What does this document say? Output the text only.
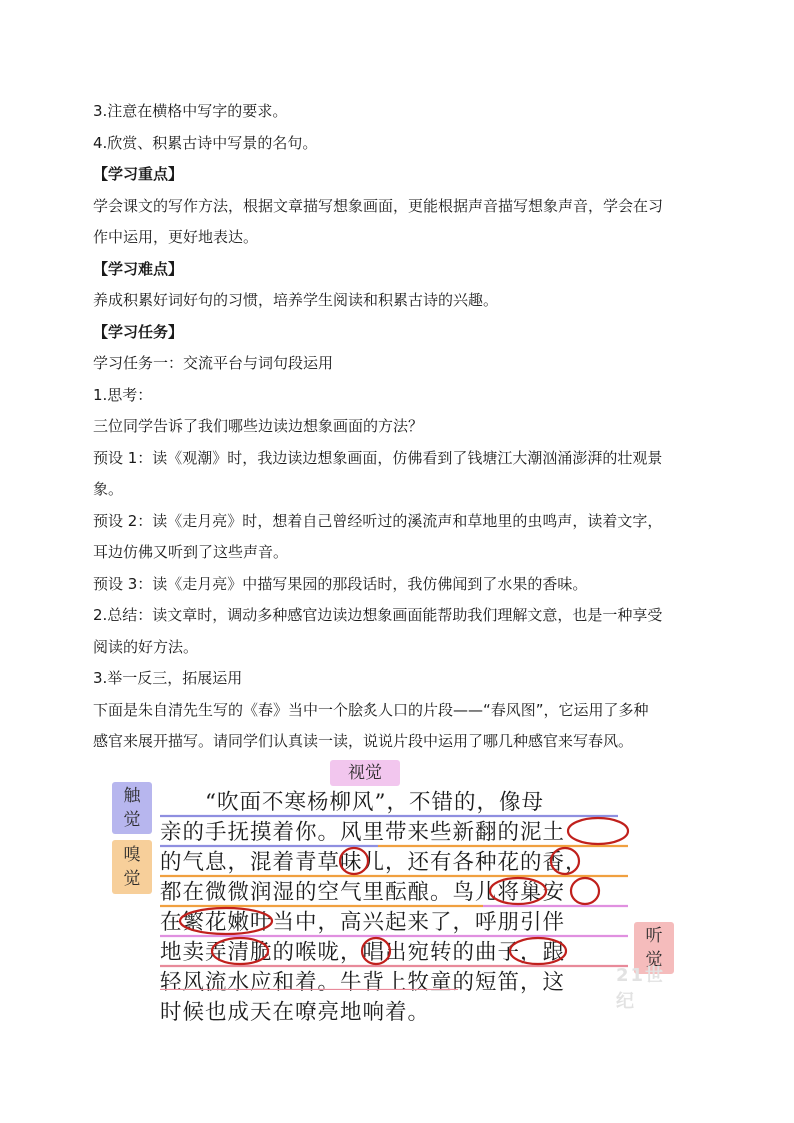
3.注意在横格中写字的要求。

4.欣赏、积累古诗中写景的名句。

【学习重点】

学会课文的写作方法，根据文章描写想象画面，更能根据声音描写想象声音，学会在习

作中运用，更好地表达。

【学习难点】

养成积累好词好句的习惯，培养学生阅读和积累古诗的兴趣。

【学习任务】

学习任务一：交流平台与词句段运用

1.思考：

三位同学告诉了我们哪些边读边想象画面的方法？

预设 1：读《观潮》时，我边读边想象画面，仿佛看到了钱塘江大潮汹涌澎湃的壮观景

象。

预设 2：读《走月亮》时，想着自己曾经听过的溪流声和草地里的虫鸣声，读着文字，

耳边仿佛又听到了这些声音。

预设 3：读《走月亮》中描写果园的那段话时，我仿佛闻到了水果的香味。

2.总结：读文章时，调动多种感官边读边想象画面能帮助我们理解文意，也是一种享受

阅读的好方法。

3.举一反三，拓展运用

下面是朱自清先生写的《春》当中一个脍炙人口的片段——“春风图”，它运用了多种

感官来展开描写。请同学们认真读一读，说说片段中运用了哪几种感官来写春风。

视觉
触
觉
嗅
觉
听
觉
　　“吹面不寒杨柳风”，不错的，像母
亲的手抚摸着你。风里带来些新翻的泥土
的气息，混着青草味儿，还有各种花的香，
都在微微润湿的空气里酝酿。鸟儿将巢安
在繁花嫩叶当中，高兴起来了，呼朋引伴
地卖弄清脆的喉咙，唱出宛转的曲子，跟
轻风流水应和着。牛背上牧童的短笛，这
时候也成天在嘹亮地响着。
21世纪
